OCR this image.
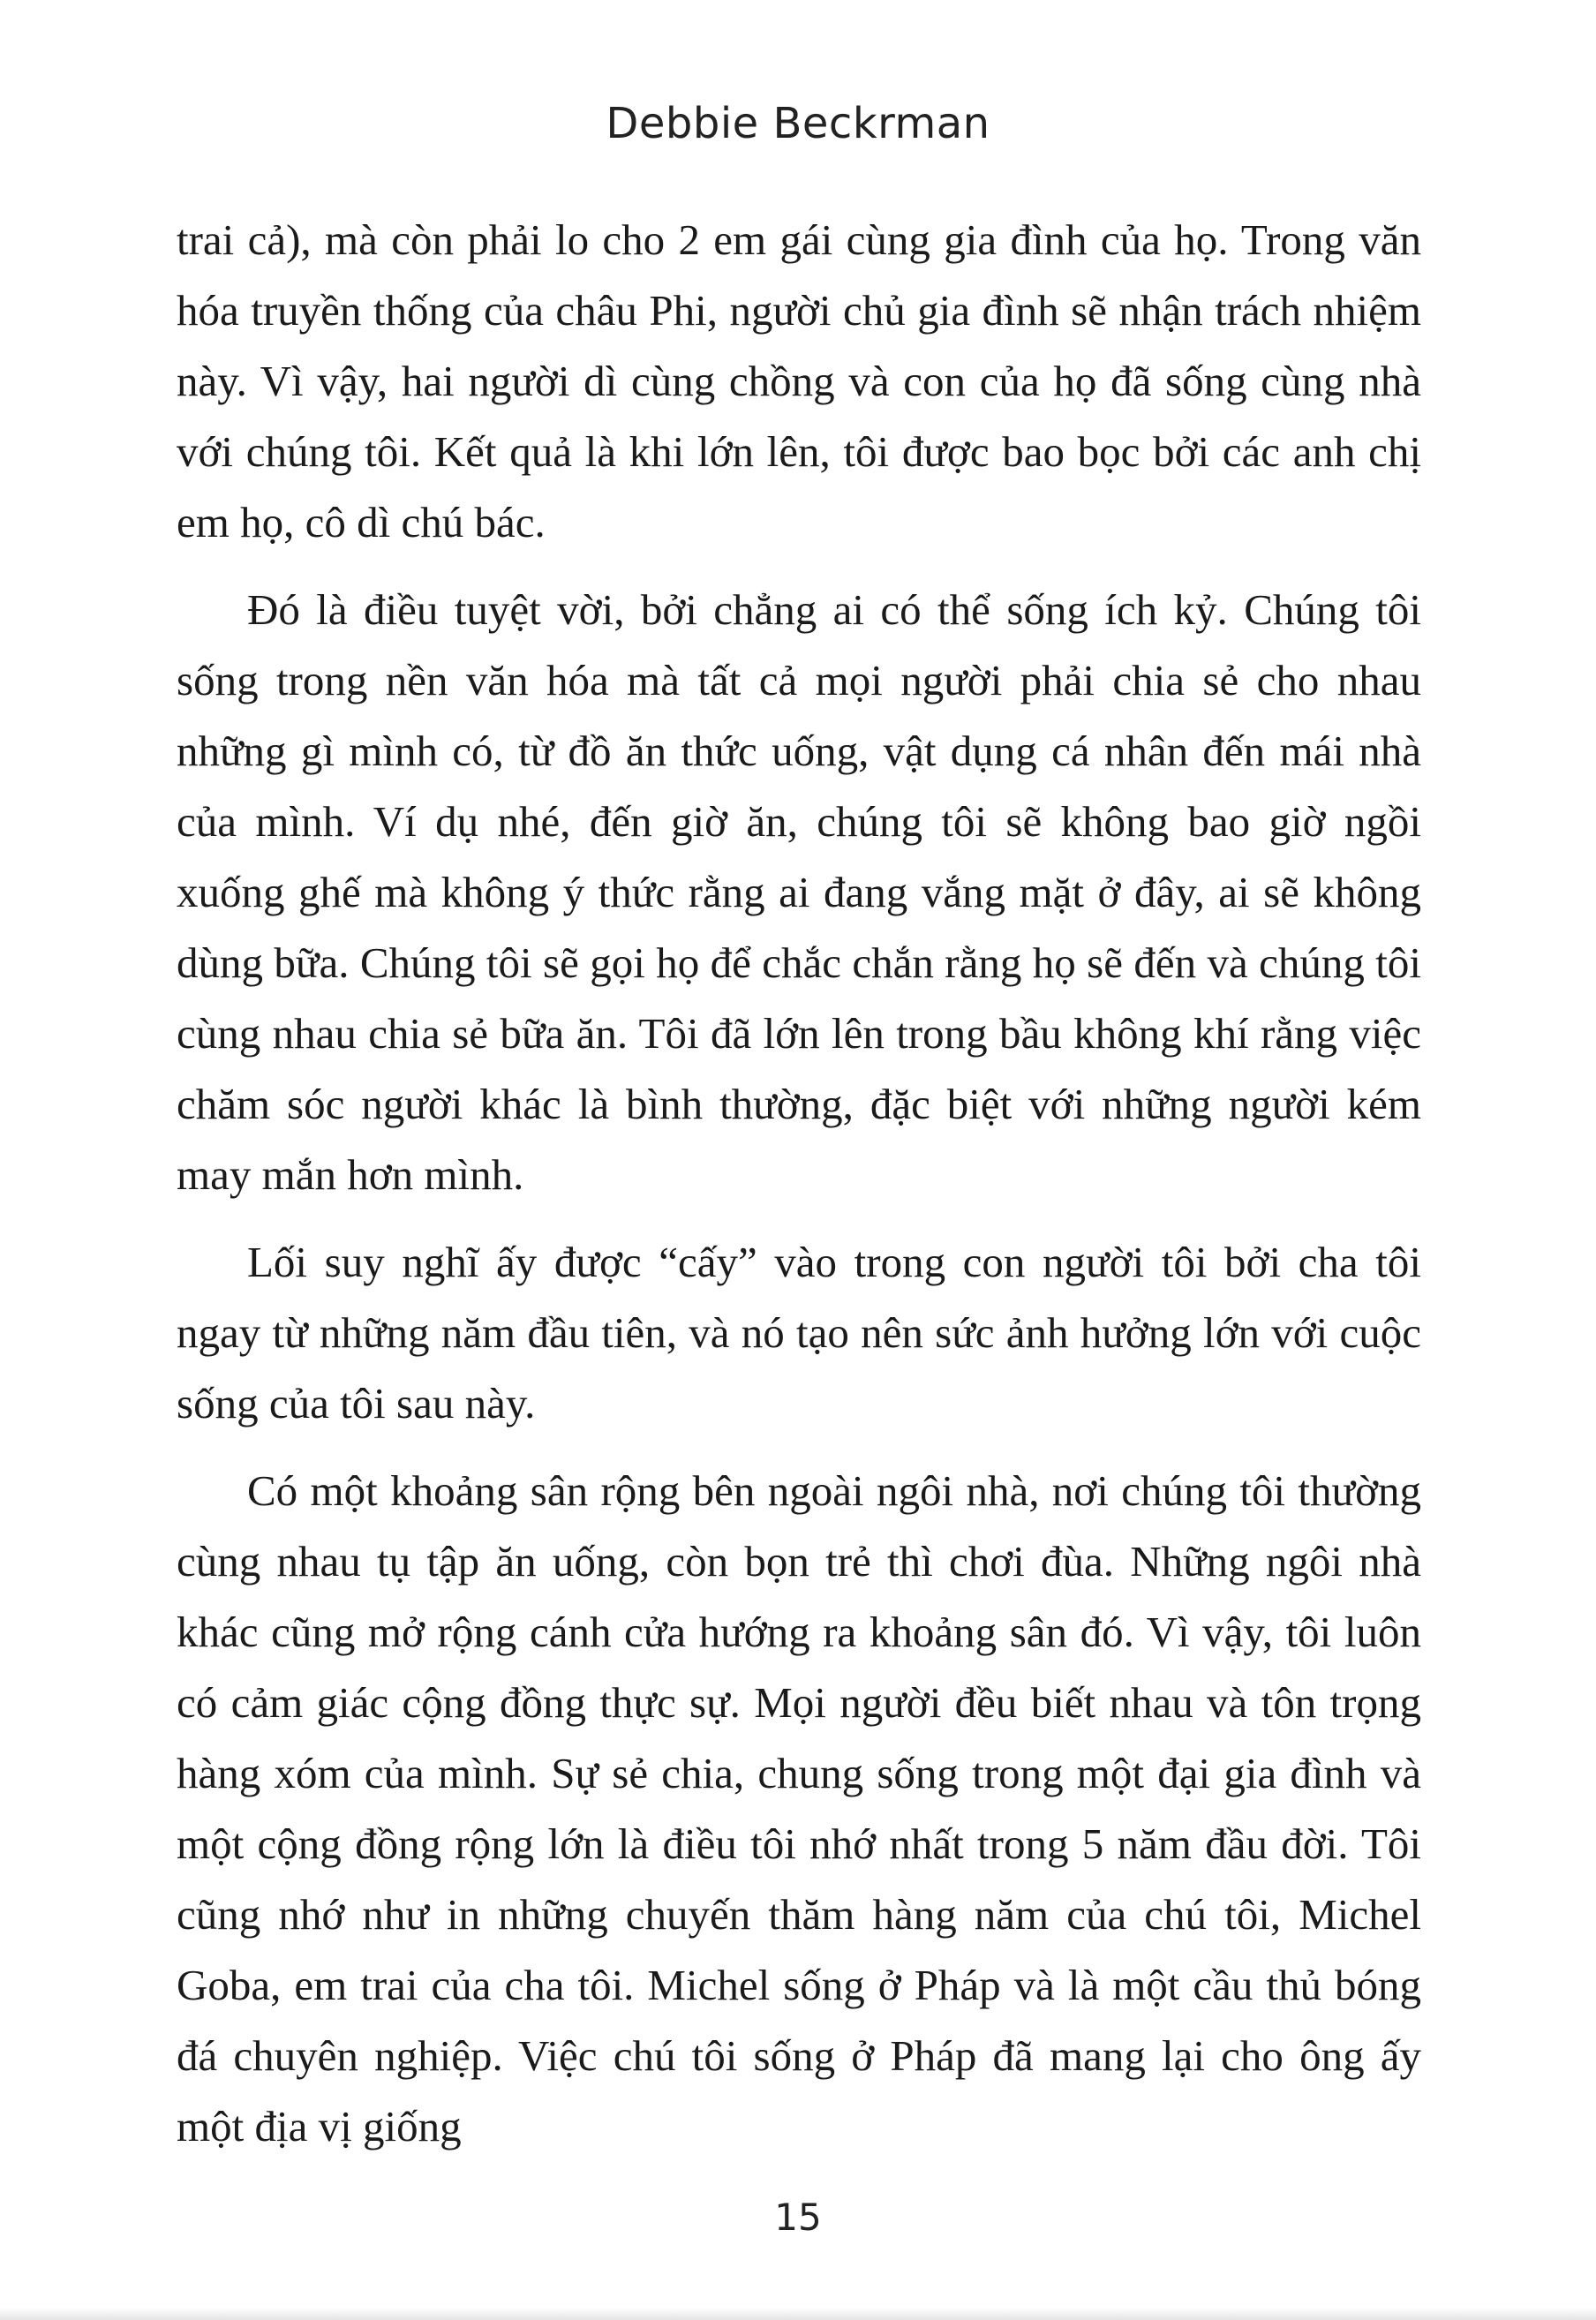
Debbie Beckrman

trai cả), mà còn phải lo cho 2 em gái cùng gia đình của họ. Trong văn hóa truyền thống của châu Phi, người chủ gia đình sẽ nhận trách nhiệm này. Vì vậy, hai người dì cùng chồng và con của họ đã sống cùng nhà với chúng tôi. Kết quả là khi lớn lên, tôi được bao bọc bởi các anh chị em họ, cô dì chú bác.

Đó là điều tuyệt vời, bởi chẳng ai có thể sống ích kỷ. Chúng tôi sống trong nền văn hóa mà tất cả mọi người phải chia sẻ cho nhau những gì mình có, từ đồ ăn thức uống, vật dụng cá nhân đến mái nhà của mình. Ví dụ nhé, đến giờ ăn, chúng tôi sẽ không bao giờ ngồi xuống ghế mà không ý thức rằng ai đang vắng mặt ở đây, ai sẽ không dùng bữa. Chúng tôi sẽ gọi họ để chắc chắn rằng họ sẽ đến và chúng tôi cùng nhau chia sẻ bữa ăn. Tôi đã lớn lên trong bầu không khí rằng việc chăm sóc người khác là bình thường, đặc biệt với những người kém may mắn hơn mình.

Lối suy nghĩ ấy được “cấy” vào trong con người tôi bởi cha tôi ngay từ những năm đầu tiên, và nó tạo nên sức ảnh hưởng lớn với cuộc sống của tôi sau này.

Có một khoảng sân rộng bên ngoài ngôi nhà, nơi chúng tôi thường cùng nhau tụ tập ăn uống, còn bọn trẻ thì chơi đùa. Những ngôi nhà khác cũng mở rộng cánh cửa hướng ra khoảng sân đó. Vì vậy, tôi luôn có cảm giác cộng đồng thực sự. Mọi người đều biết nhau và tôn trọng hàng xóm của mình. Sự sẻ chia, chung sống trong một đại gia đình và một cộng đồng rộng lớn là điều tôi nhớ nhất trong 5 năm đầu đời. Tôi cũng nhớ như in những chuyến thăm hàng năm của chú tôi, Michel Goba, em trai của cha tôi. Michel sống ở Pháp và là một cầu thủ bóng đá chuyên nghiệp. Việc chú tôi sống ở Pháp đã mang lại cho ông ấy một địa vị giống

15
